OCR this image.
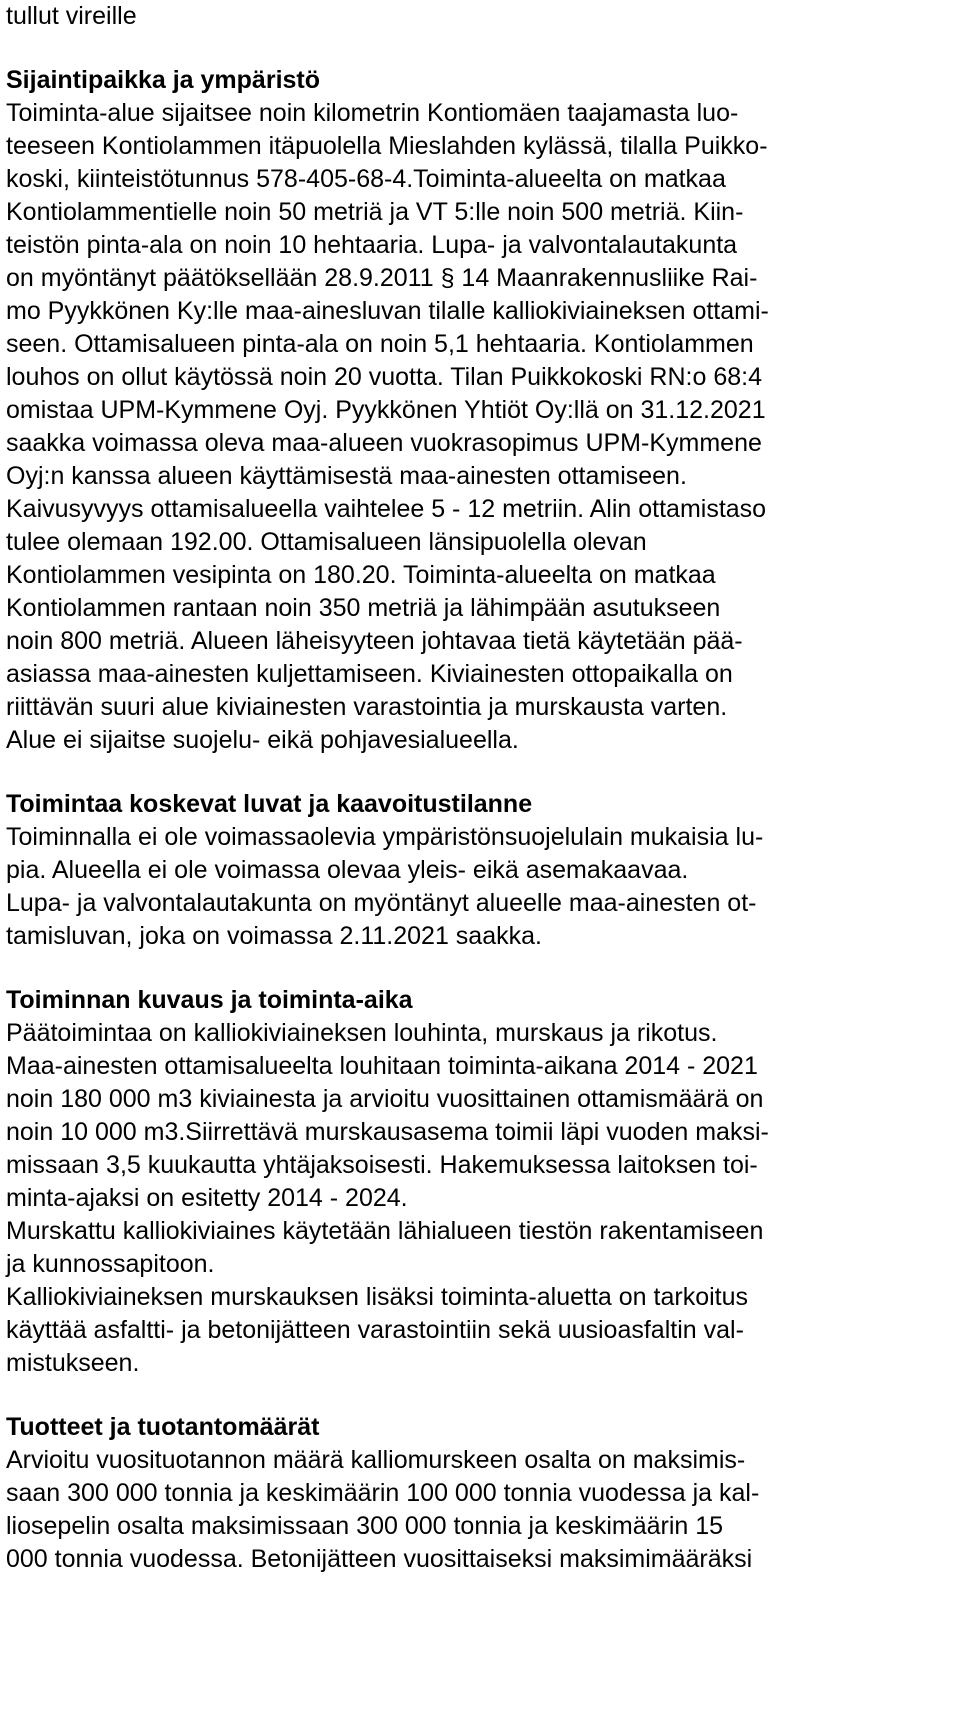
tullut vireille
Sijaintipaikka ja ympäristö
Toiminta-alue sijaitsee noin kilometrin Kontiomäen taajamasta luo-
teeseen Kontiolammen itäpuolella Mieslahden kylässä, tilalla Puikko-
koski, kiinteistötunnus 578-405-68-4.Toiminta-alueelta on matkaa
Kontiolammentielle noin 50 metriä ja VT 5:lle noin 500 metriä. Kiin-
teistön pinta-ala on noin 10 hehtaaria. Lupa- ja valvontalautakunta
on myöntänyt päätöksellään 28.9.2011 § 14 Maanrakennusliike Rai-
mo Pyykkönen Ky:lle maa-ainesluvan tilalle kalliokiviaineksen ottami-
seen. Ottamisalueen pinta-ala on noin 5,1 hehtaaria. Kontiolammen
louhos on ollut käytössä noin 20 vuotta. Tilan Puikkokoski RN:o 68:4
omistaa UPM-Kymmene Oyj. Pyykkönen Yhtiöt Oy:llä on 31.12.2021
saakka voimassa oleva maa-alueen vuokrasopimus UPM-Kymmene
Oyj:n kanssa alueen käyttämisestä maa-ainesten ottamiseen.
Kaivusyvyys ottamisalueella vaihtelee 5 - 12 metriin. Alin ottamistaso
tulee olemaan 192.00. Ottamisalueen länsipuolella olevan
Kontiolammen vesipinta on 180.20. Toiminta-alueelta on matkaa
Kontiolammen rantaan noin 350 metriä ja lähimpään asutukseen
noin 800 metriä. Alueen läheisyyteen johtavaa tietä käytetään pää-
asiassa maa-ainesten kuljettamiseen. Kiviainesten ottopaikalla on
riittävän suuri alue kiviainesten varastointia ja murskausta varten.
Alue ei sijaitse suojelu- eikä pohjavesialueella.
Toimintaa koskevat luvat ja kaavoitustilanne
Toiminnalla ei ole voimassaolevia ympäristönsuojelulain mukaisia lu-
pia. Alueella ei ole voimassa olevaa yleis- eikä asemakaavaa.
Lupa- ja valvontalautakunta on myöntänyt alueelle maa-ainesten ot-
tamisluvan, joka on voimassa 2.11.2021 saakka.
Toiminnan kuvaus ja toiminta-aika
Päätoimintaa on kalliokiviaineksen louhinta, murskaus ja rikotus.
Maa-ainesten ottamisalueelta louhitaan toiminta-aikana 2014 - 2021
noin 180 000 m3 kiviainesta ja arvioitu vuosittainen ottamismäärä on
noin 10 000 m3.Siirrettävä murskausasema toimii läpi vuoden maksi-
missaan 3,5 kuukautta yhtäjaksoisesti. Hakemuksessa laitoksen toi-
minta-ajaksi on esitetty 2014 - 2024.
Murskattu kalliokiviaines käytetään lähialueen tiestön rakentamiseen
ja kunnossapitoon.
Kalliokiviaineksen murskauksen lisäksi toiminta-aluetta on tarkoitus
käyttää asfaltti- ja betonijätteen varastointiin sekä uusioasfaltin val-
mistukseen.
Tuotteet ja tuotantomäärät
Arvioitu vuosituotannon määrä kalliomurskeen osalta on maksimis-
saan 300 000 tonnia ja keskimäärin 100 000 tonnia vuodessa ja kal-
liosepelin osalta maksimissaan 300 000 tonnia ja keskimäärin 15
000 tonnia vuodessa. Betonijätteen vuosittaiseksi maksimimääräksi
